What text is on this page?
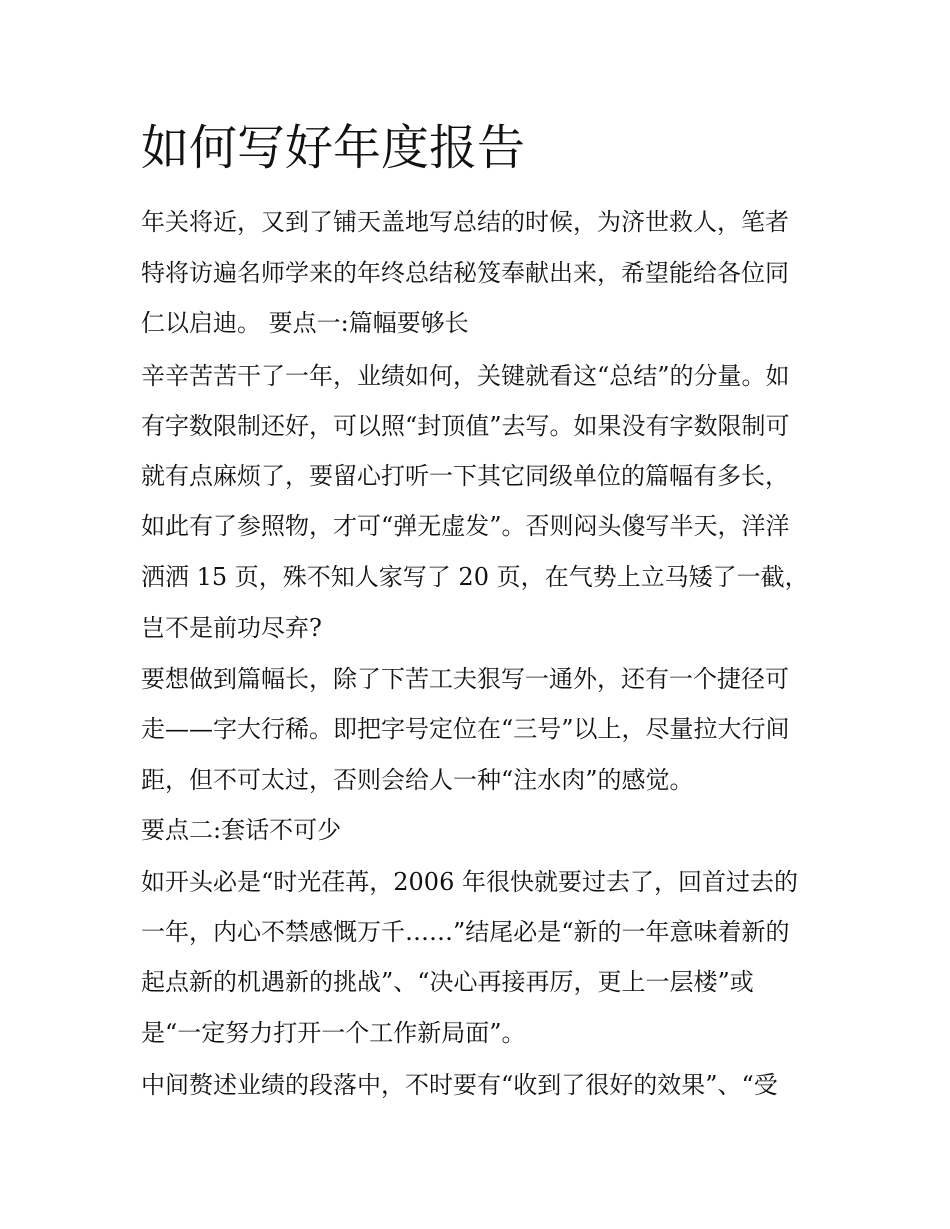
如何写好年度报告

年关将近，又到了铺天盖地写总结的时候，为济世救人，笔者

特将访遍名师学来的年终总结秘笈奉献出来，希望能给各位同

仁以启迪。 要点一:篇幅要够长

辛辛苦苦干了一年，业绩如何，关键就看这“总结”的分量。如

有字数限制还好，可以照“封顶值”去写。如果没有字数限制可

就有点麻烦了，要留心打听一下其它同级单位的篇幅有多长，

如此有了参照物，才可“弹无虚发”。否则闷头傻写半天，洋洋

洒洒 15 页，殊不知人家写了 20 页，在气势上立马矮了一截，

岂不是前功尽弃?

要想做到篇幅长，除了下苦工夫狠写一通外，还有一个捷径可

走——字大行稀。即把字号定位在“三号”以上，尽量拉大行间

距，但不可太过，否则会给人一种“注水肉”的感觉。

要点二:套话不可少

如开头必是“时光荏苒，2006 年很快就要过去了，回首过去的

一年，内心不禁感慨万千……”结尾必是“新的一年意味着新的

起点新的机遇新的挑战”、“决心再接再厉，更上一层楼”或

是“一定努力打开一个工作新局面”。

中间赘述业绩的段落中，不时要有“收到了很好的效果”、“受
